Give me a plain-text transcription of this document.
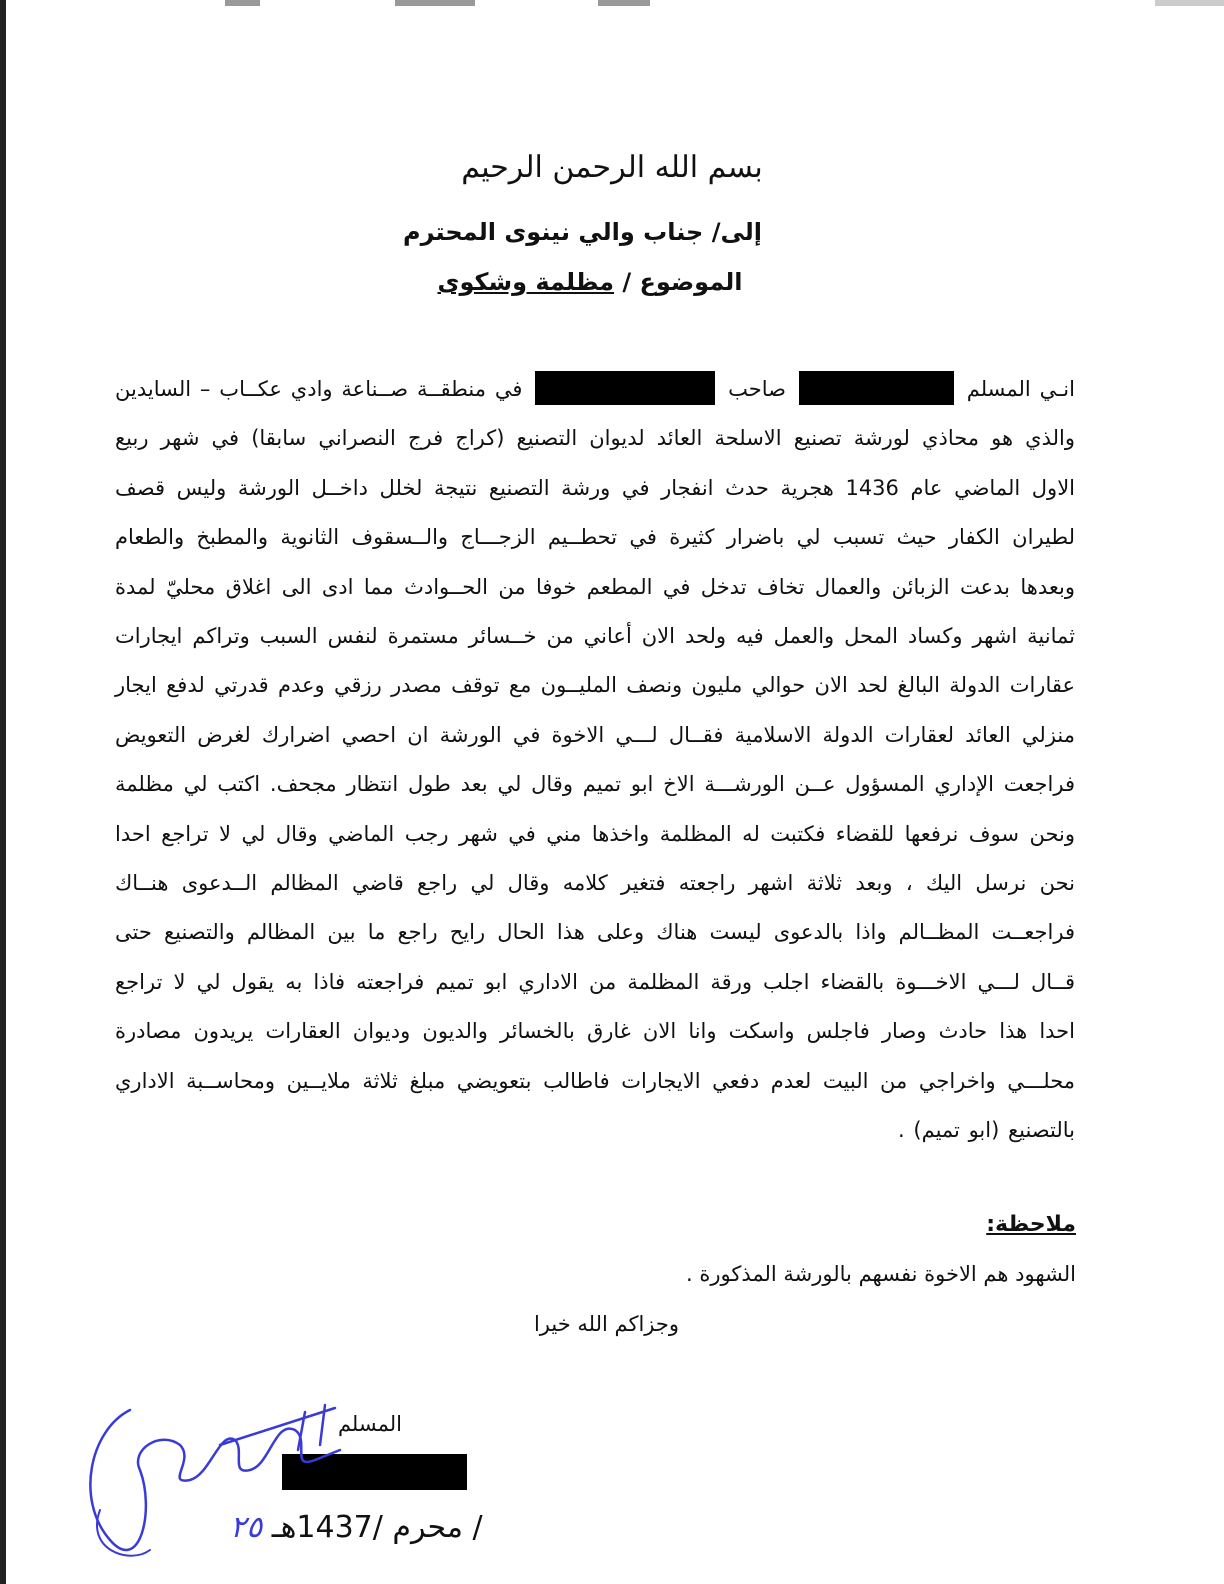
بسم الله الرحمن الرحيم
إلى/ جناب والي نينوى المحترم
الموضوع / مظلمة وشكوى
انـي المسلم  صاحب  في منطقــة صــناعة وادي عكــاب – السايدين والذي هو محاذي لورشة تصنيع الاسلحة العائد لديوان التصنيع (كراج فرج النصراني سابقا) في شهر ربيع الاول الماضي عام 1436 هجرية حدث انفجار في ورشة التصنيع نتيجة لخلل داخــل الورشة وليس قصف لطيران الكفار حيث تسبب لي باضرار كثيرة في تحطــيم الزجـــاج والــسقوف الثانوية والمطبخ والطعام وبعدها بدعت الزبائن والعمال تخاف تدخل في المطعم خوفا من الحــوادث مما ادى الى اغلاق محليّ لمدة ثمانية اشهر وكساد المحل والعمل فيه ولحد الان أعاني من خــسائر مستمرة لنفس السبب وتراكم ايجارات عقارات الدولة البالغ لحد الان حوالي مليون ونصف المليــون مع توقف مصدر رزقي وعدم قدرتي لدفع ايجار منزلي العائد لعقارات الدولة الاسلامية فقــال لـــي الاخوة في الورشة ان احصي اضرارك لغرض التعويض فراجعت الإداري المسؤول عــن الورشـــة الاخ ابو تميم وقال لي بعد طول انتظار مجحف. اكتب لي مظلمة ونحن سوف نرفعها للقضاء فكتبت له المظلمة واخذها مني في شهر رجب الماضي وقال لي لا تراجع احدا نحن نرسل اليك ، وبعد ثلاثة اشهر راجعته فتغير كلامه وقال لي راجع قاضي المظالم الــدعوى هنــاك فراجعــت المظــالم واذا بالدعوى ليست هناك وعلى هذا الحال رايح راجع ما بين المظالم والتصنيع حتى قــال لـــي الاخـــوة بالقضاء اجلب ورقة المظلمة من الاداري ابو تميم فراجعته فاذا به يقول لي لا تراجع احدا هذا حادث وصار فاجلس واسكت وانا الان غارق بالخسائر والديون وديوان العقارات يريدون مصادرة محلـــي واخراجي من البيت لعدم دفعي الايجارات فاطالب بتعويضي مبلغ ثلاثة ملايــين ومحاســبة الاداري بالتصنيع (ابو تميم) .
ملاحظة:
الشهود هم الاخوة نفسهم بالورشة المذكورة .
وجزاكم الله خيرا
المسلم
/ محرم /1437هـ ٢٥
